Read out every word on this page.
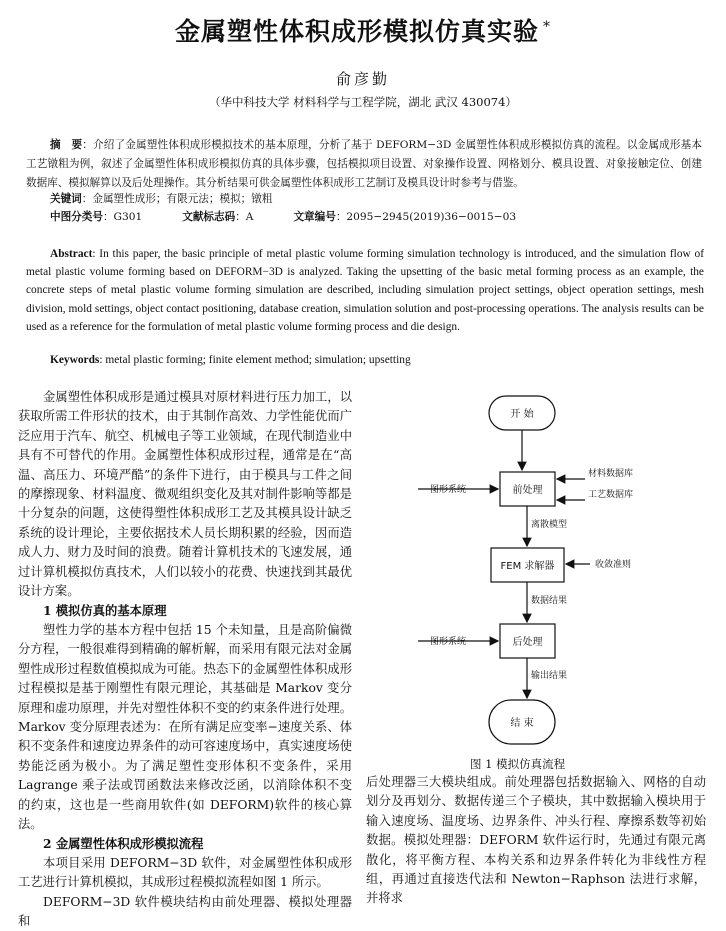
金属塑性体积成形模拟仿真实验 *
俞彦勤
（华中科技大学 材料科学与工程学院，湖北 武汉 430074）
摘　要：介绍了金属塑性体积成形模拟技术的基本原理，分析了基于 DEFORM−3D 金属塑性体积成形模拟仿真的流程。以金属成形基本工艺镦粗为例，叙述了金属塑性体积成形模拟仿真的具体步骤，包括模拟项目设置、对象操作设置、网格划分、模具设置、对象接触定位、创建数据库、模拟解算以及后处理操作。其分析结果可供金属塑性体积成形工艺制订及模具设计时参考与借鉴。
关键词：金属塑性成形；有限元法；模拟；镦粗
中图分类号：G301	文献标志码：A	文章编号：2095−2945(2019)36−0015−03
Abstract: In this paper, the basic principle of metal plastic volume forming simulation technology is introduced, and the simulation flow of metal plastic volume forming based on DEFORM−3D is analyzed. Taking the upsetting of the basic metal forming process as an example, the concrete steps of metal plastic volume forming simulation are described, including simulation project settings, object operation settings, mesh division, mold settings, object contact positioning, database creation, simulation solution and post-processing operations. The analysis results can be used as a reference for the formulation of metal plastic volume forming process and die design.
Keywords: metal plastic forming; finite element method; simulation; upsetting

金属塑性体积成形是通过模具对原材料进行压力加工，以获取所需工件形状的技术，由于其制作高效、力学性能优而广泛应用于汽车、航空、机械电子等工业领域，在现代制造业中具有不可替代的作用。金属塑性体积成形过程，通常是在“高温、高压力、环境严酷”的条件下进行，由于模具与工件之间的摩擦现象、材料温度、微观组织变化及其对制件影响等都是十分复杂的问题，这使得塑性体积成形工艺及其模具设计缺乏系统的设计理论，主要依据技术人员长期积累的经验，因而造成人力、财力及时间的浪费。随着计算机技术的飞速发展，通过计算机模拟仿真技术，人们以较小的花费、快速找到其最优设计方案。

1 模拟仿真的基本原理

塑性力学的基本方程中包括 15 个未知量，且是高阶偏微分方程，一般很难得到精确的解析解，而采用有限元法对金属塑性成形过程数值模拟成为可能。热态下的金属塑性体积成形过程模拟是基于刚塑性有限元理论，其基础是 Markov 变分原理和虚功原理，并先对塑性体积不变的约束条件进行处理。Markov 变分原理表述为：在所有满足应变率−速度关系、体积不变条件和速度边界条件的动可容速度场中，真实速度场使势能泛函为极小。为了满足塑性变形体积不变条件，采用 Lagrange 乘子法或罚函数法来修改泛函，以消除体积不变的约束，这也是一些商用软件(如 DEFORM)软件的核心算法。

2 金属塑性体积成形模拟流程

本项目采用 DEFORM−3D 软件，对金属塑性体积成形工艺进行计算机模拟，其成形过程模拟流程如图 1 所示。

DEFORM−3D 软件模块结构由前处理器、模拟处理器和

开 始
前处理
图形系统
材料数据库
工艺数据库
离散模型
FEM 求解器	收敛准则
数据结果
后处理
图形系统
输出结果
结 束
图 1 模拟仿真流程

后处理器三大模块组成。前处理器包括数据输入、网格的自动划分及再划分、数据传递三个子模块，其中数据输入模块用于输入速度场、温度场、边界条件、冲头行程、摩擦系数等初始数据。模拟处理器：DEFORM 软件运行时，先通过有限元离散化，将平衡方程、本构关系和边界条件转化为非线性方程组，再通过直接迭代法和 Newton−Raphson 法进行求解，并将求
